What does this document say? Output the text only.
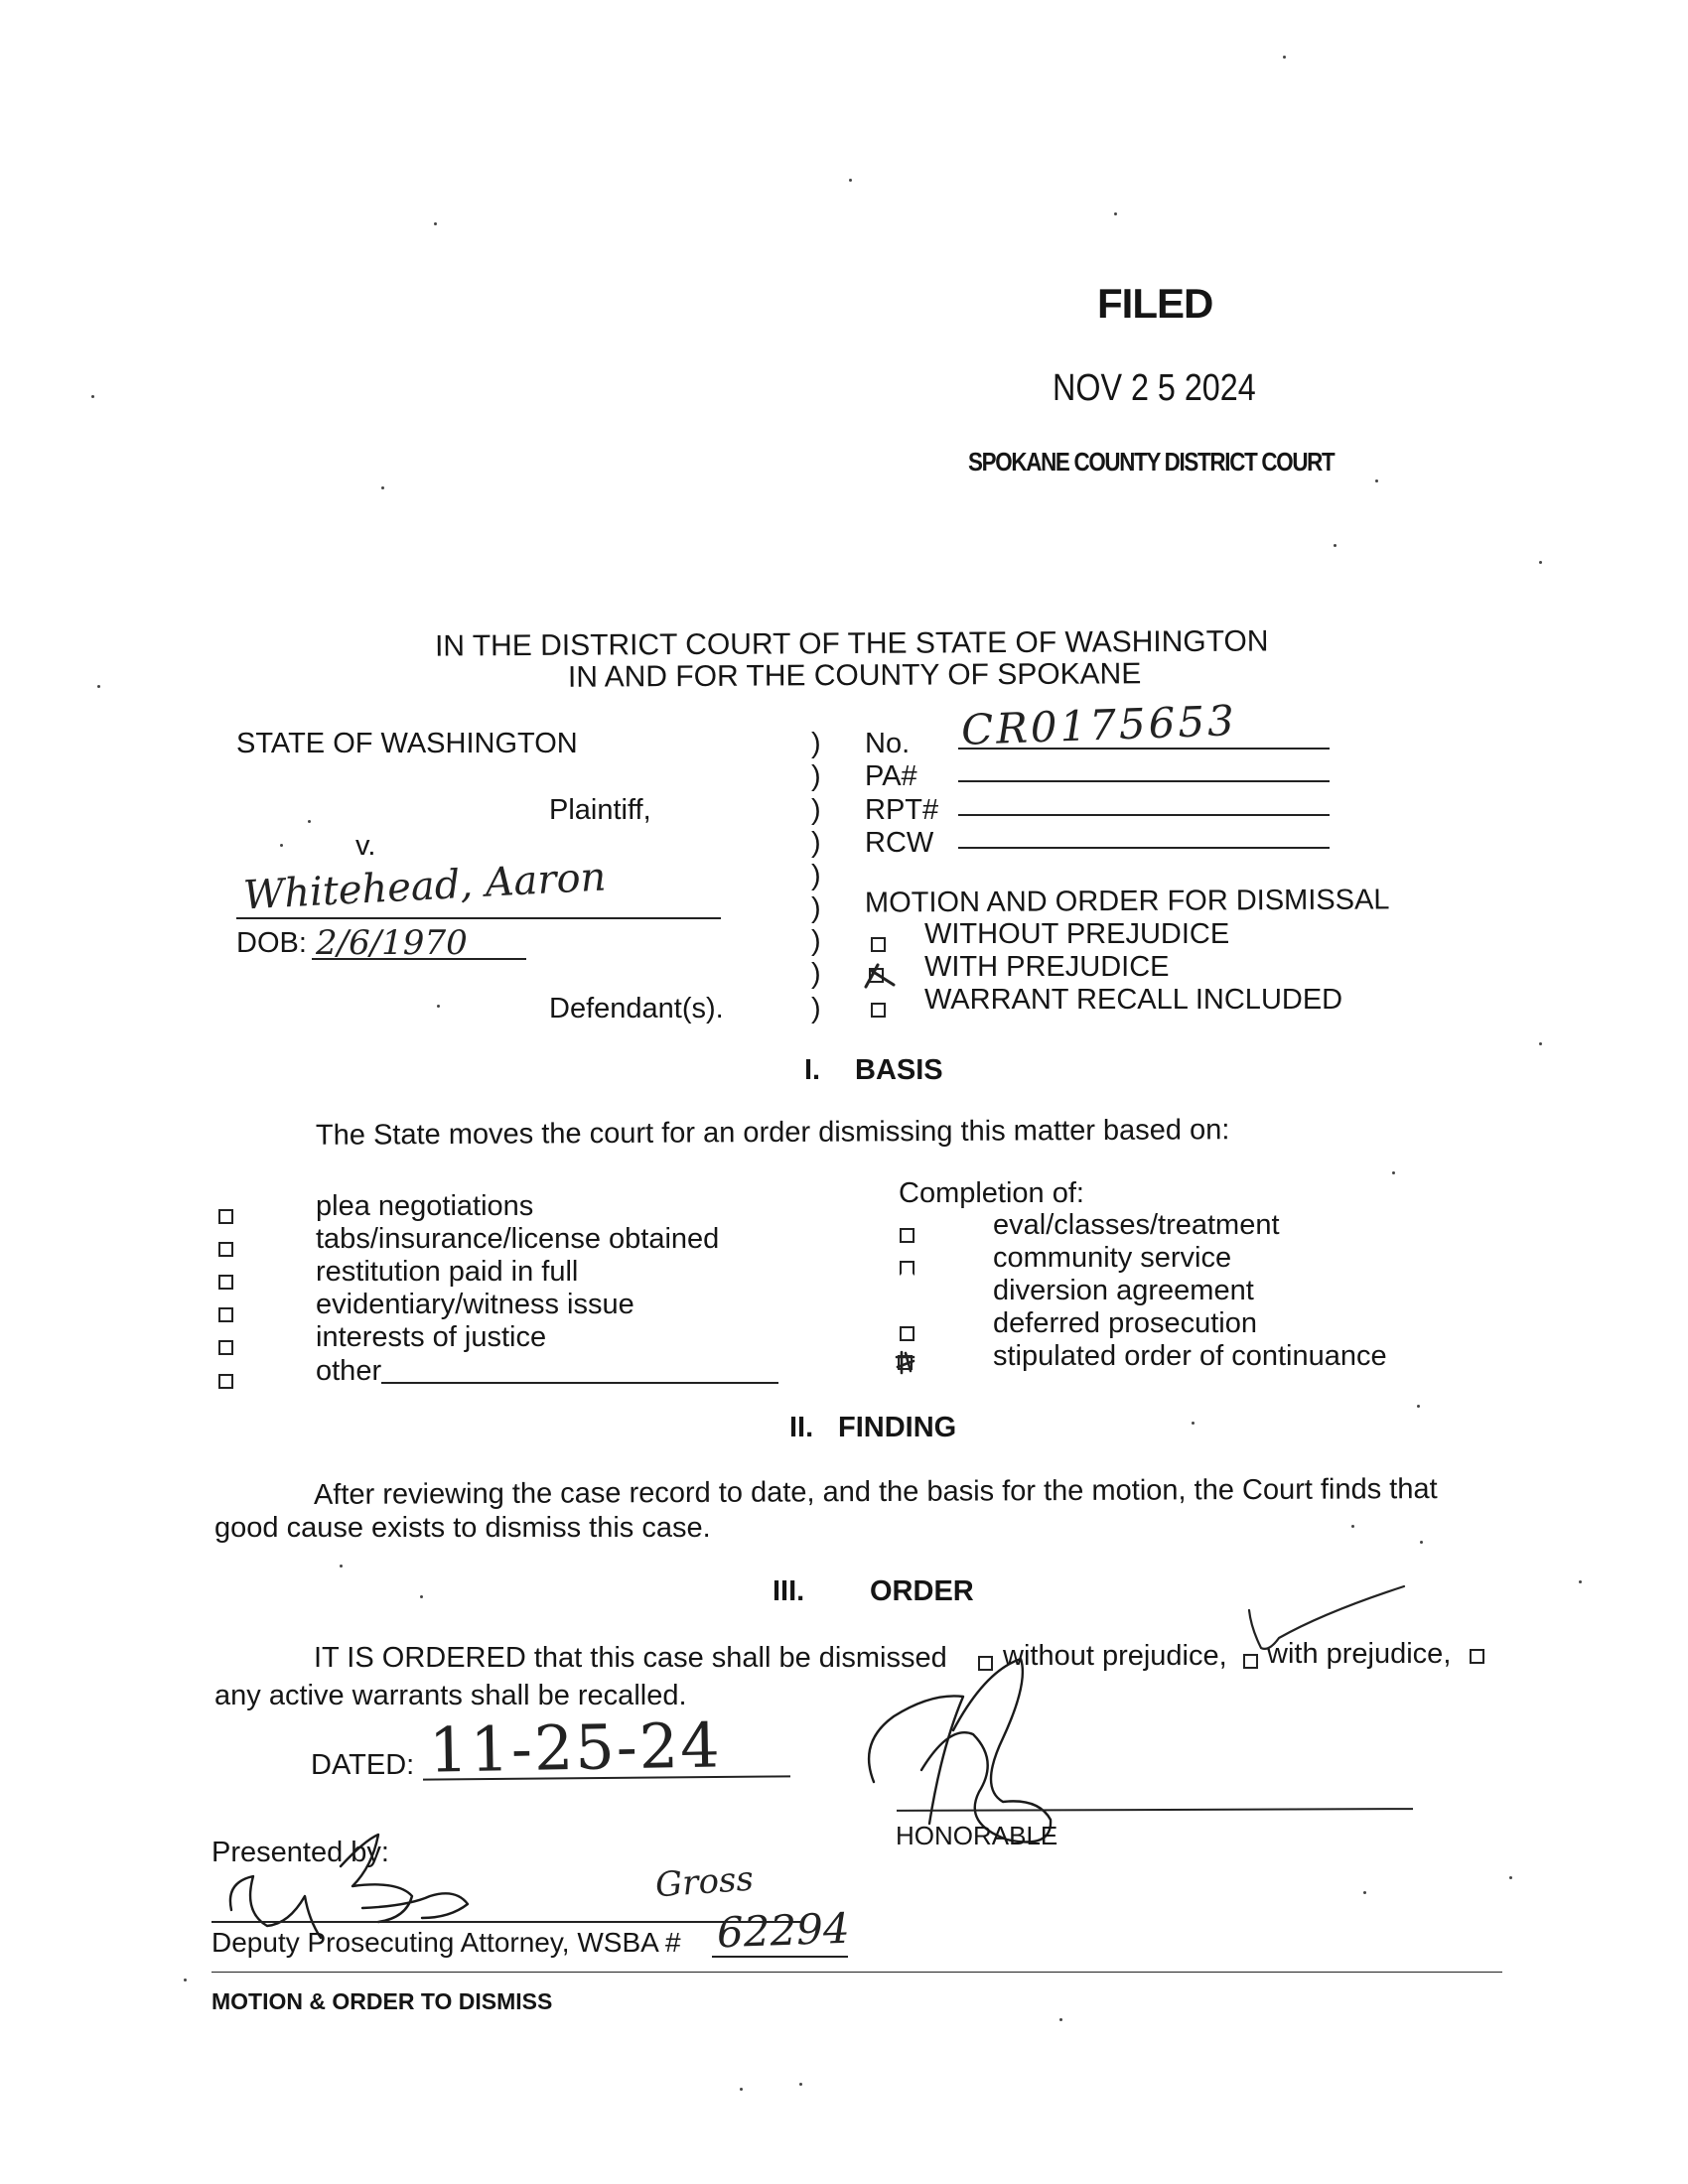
FILED
NOV 2 5 2024
SPOKANE COUNTY DISTRICT COURT
IN THE DISTRICT COURT OF THE STATE OF WASHINGTON
IN AND FOR THE COUNTY OF SPOKANE
STATE OF WASHINGTON
Plaintiff,
v.
Whitehead, Aaron
DOB: 2/6/1970
Defendant(s).
)
)
)
)
)
)
)
)
)
No. CR0175653
PA#
RPT#
RCW
MOTION AND ORDER FOR DISMISSAL
WITHOUT PREJUDICE
WITH PREJUDICE
WARRANT RECALL INCLUDED
I. BASIS
The State moves the court for an order dismissing this matter based on:
plea negotiations
tabs/insurance/license obtained
restitution paid in full
evidentiary/witness issue
interests of justice
other
Completion of:
eval/classes/treatment
community service
diversion agreement
deferred prosecution
stipulated order of continuance
II. FINDING
After reviewing the case record to date, and the basis for the motion, the Court finds that
good cause exists to dismiss this case.
III. ORDER
IT IS ORDERED that this case shall be dismissed without prejudice, with prejudice,
any active warrants shall be recalled.
DATED: 11-25-24
HONORABLE
Presented by:
Gross
Deputy Prosecuting Attorney, WSBA # 62294
MOTION & ORDER TO DISMISS
